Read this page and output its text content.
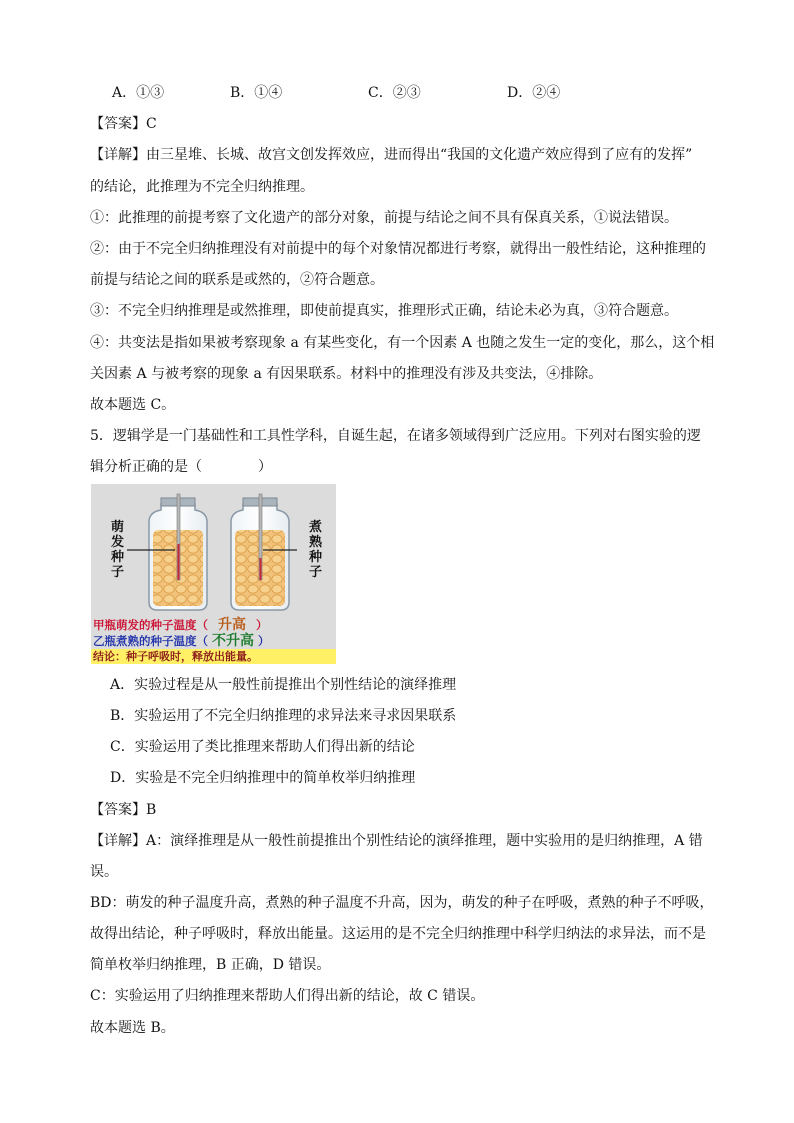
A．①③	B．①④	C．②③	D．②④
【答案】C
【详解】由三星堆、长城、故宫文创发挥效应，进而得出“我国的文化遗产效应得到了应有的发挥”
的结论，此推理为不完全归纳推理。
①：此推理的前提考察了文化遗产的部分对象，前提与结论之间不具有保真关系，①说法错误。
②：由于不完全归纳推理没有对前提中的每个对象情况都进行考察，就得出一般性结论，这种推理的
前提与结论之间的联系是或然的，②符合题意。
③：不完全归纳推理是或然推理，即使前提真实，推理形式正确，结论未必为真，③符合题意。
④：共变法是指如果被考察现象 a 有某些变化，有一个因素 A 也随之发生一定的变化，那么，这个相
关因素 A 与被考察的现象 a 有因果联系。材料中的推理没有涉及共变法，④排除。
故本题选 C。
5．逻辑学是一门基础性和工具性学科，自诞生起，在诸多领域得到广泛应用。下列对右图实验的逻
辑分析正确的是（　　　　）
萌发种子
煮熟种子
甲瓶萌发的种子温度（ 升高 ）
乙瓶煮熟的种子温度（ 不升高 ）
结论：种子呼吸时，释放出能量。
A．实验过程是从一般性前提推出个别性结论的演绎推理
B．实验运用了不完全归纳推理的求异法来寻求因果联系
C．实验运用了类比推理来帮助人们得出新的结论
D．实验是不完全归纳推理中的简单枚举归纳推理
【答案】B
【详解】A：演绎推理是从一般性前提推出个别性结论的演绎推理，题中实验用的是归纳推理，A 错
误。
BD：萌发的种子温度升高，煮熟的种子温度不升高，因为，萌发的种子在呼吸，煮熟的种子不呼吸，
故得出结论，种子呼吸时，释放出能量。这运用的是不完全归纳推理中科学归纳法的求异法，而不是
简单枚举归纳推理，B 正确，D 错误。
C：实验运用了归纳推理来帮助人们得出新的结论，故 C 错误。
故本题选 B。
